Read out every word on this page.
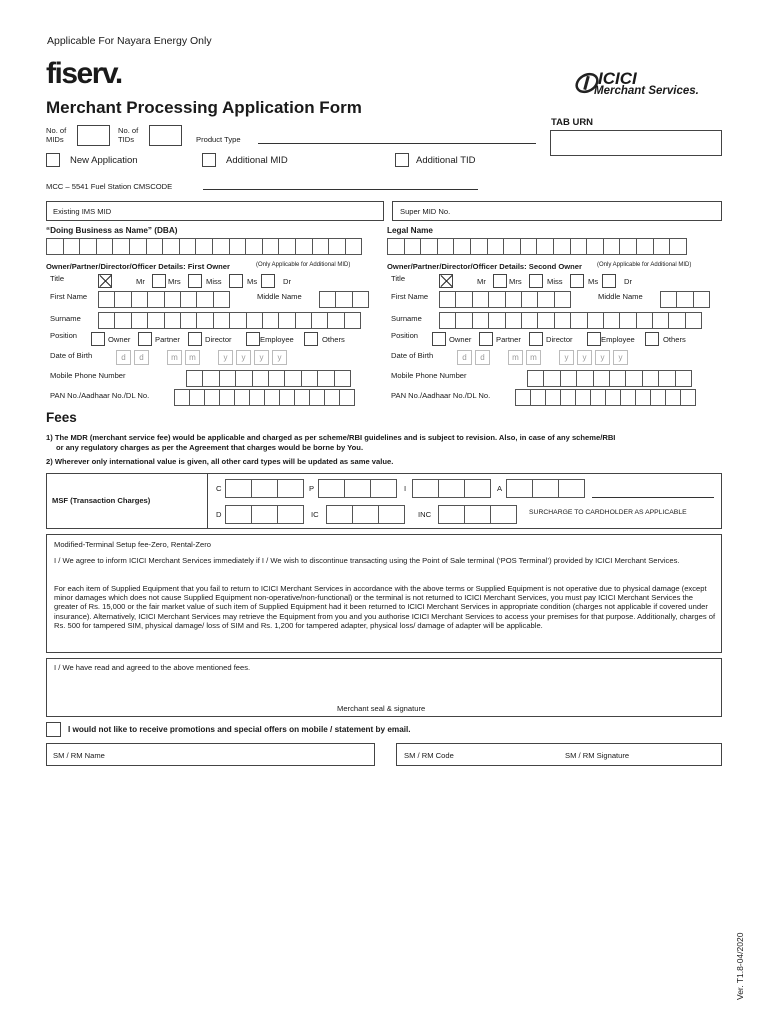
Applicable For Nayara Energy Only
fiserv.	ICICI
Merchant Services.
Merchant Processing Application Form
TAB URN
No. of
MIDs
No. of
TIDs	Product Type
New Application	Additional MID	Additional TID
MCC – 5541 Fuel Station CMSCODE
Existing IMS MID	Super MID No.
“Doing Business as Name” (DBA)	Legal Name
Owner/Partner/Director/Officer Details: First Owner	(Only Applicable for Additional MID)
Title	Mr	Mrs	Miss	Ms	Dr
First Name	Middle Name
Surname
Position	Owner	Partner	Director	Employee	Others
Date of Birth	d	d	m	m	y	y	y	y
Mobile Phone Number
PAN No./Aadhaar No./DL No.
Owner/Partner/Director/Officer Details: Second Owner	(Only Applicable for Additional MID)
Title	Mr	Mrs	Miss	Ms	Dr
First Name	Middle Name
Surname
Position	Owner	Partner	Director	Employee	Others
Date of Birth	d	d	m	m	y	y	y	y
Mobile Phone Number
PAN No./Aadhaar No./DL No.
Fees
1) The MDR (merchant service fee) would be applicable and charged as per scheme/RBI guidelines and is subject to revision. Also, in case of any scheme/RBI
or any regulatory charges as per the Agreement that charges would be borne by You.
2) Wherever only international value is given, all other card types will be updated as same value.
MSF (Transaction Charges)
C	P	I	A
D	IC	INC	SURCHARGE TO CARDHOLDER AS APPLICABLE
Modified-Terminal Setup fee-Zero, Rental-Zero
I / We agree to inform ICICI Merchant Services immediately if I / We wish to discontinue transacting using the Point of Sale terminal (‘POS Terminal’) provided by ICICI Merchant Services.
For each item of Supplied Equipment that you fail to return to ICICI Merchant Services in accordance with the above terms or Supplied Equipment is not operative due to physical damage (except minor damages which does not cause Supplied Equipment non-operative/non-functional) or the terminal is not returned to ICICI Merchant Services, you must pay ICICI Merchant Services the greater of Rs. 15,000 or the fair market value of such item of Supplied Equipment had it been returned to ICICI Merchant Services in appropriate condition (charges not applicable if covered under insurance). Alternatively, ICICI Merchant Services may retrieve the Equipment from you and you authorise ICICI Merchant Services to access your premises for that purpose. Additionally, charges of Rs. 500 for tampered SIM, physical damage/ loss of SIM and Rs. 1,200 for tampered adapter, physical loss/ damage of adapter will be applicable.
I / We have read and agreed to the above mentioned fees.
Merchant seal & signature
I would not like to receive promotions and special offers on mobile / statement by email.
SM / RM Name	SM / RM Code	SM / RM Signature
Ver. T1.8-04/2020
